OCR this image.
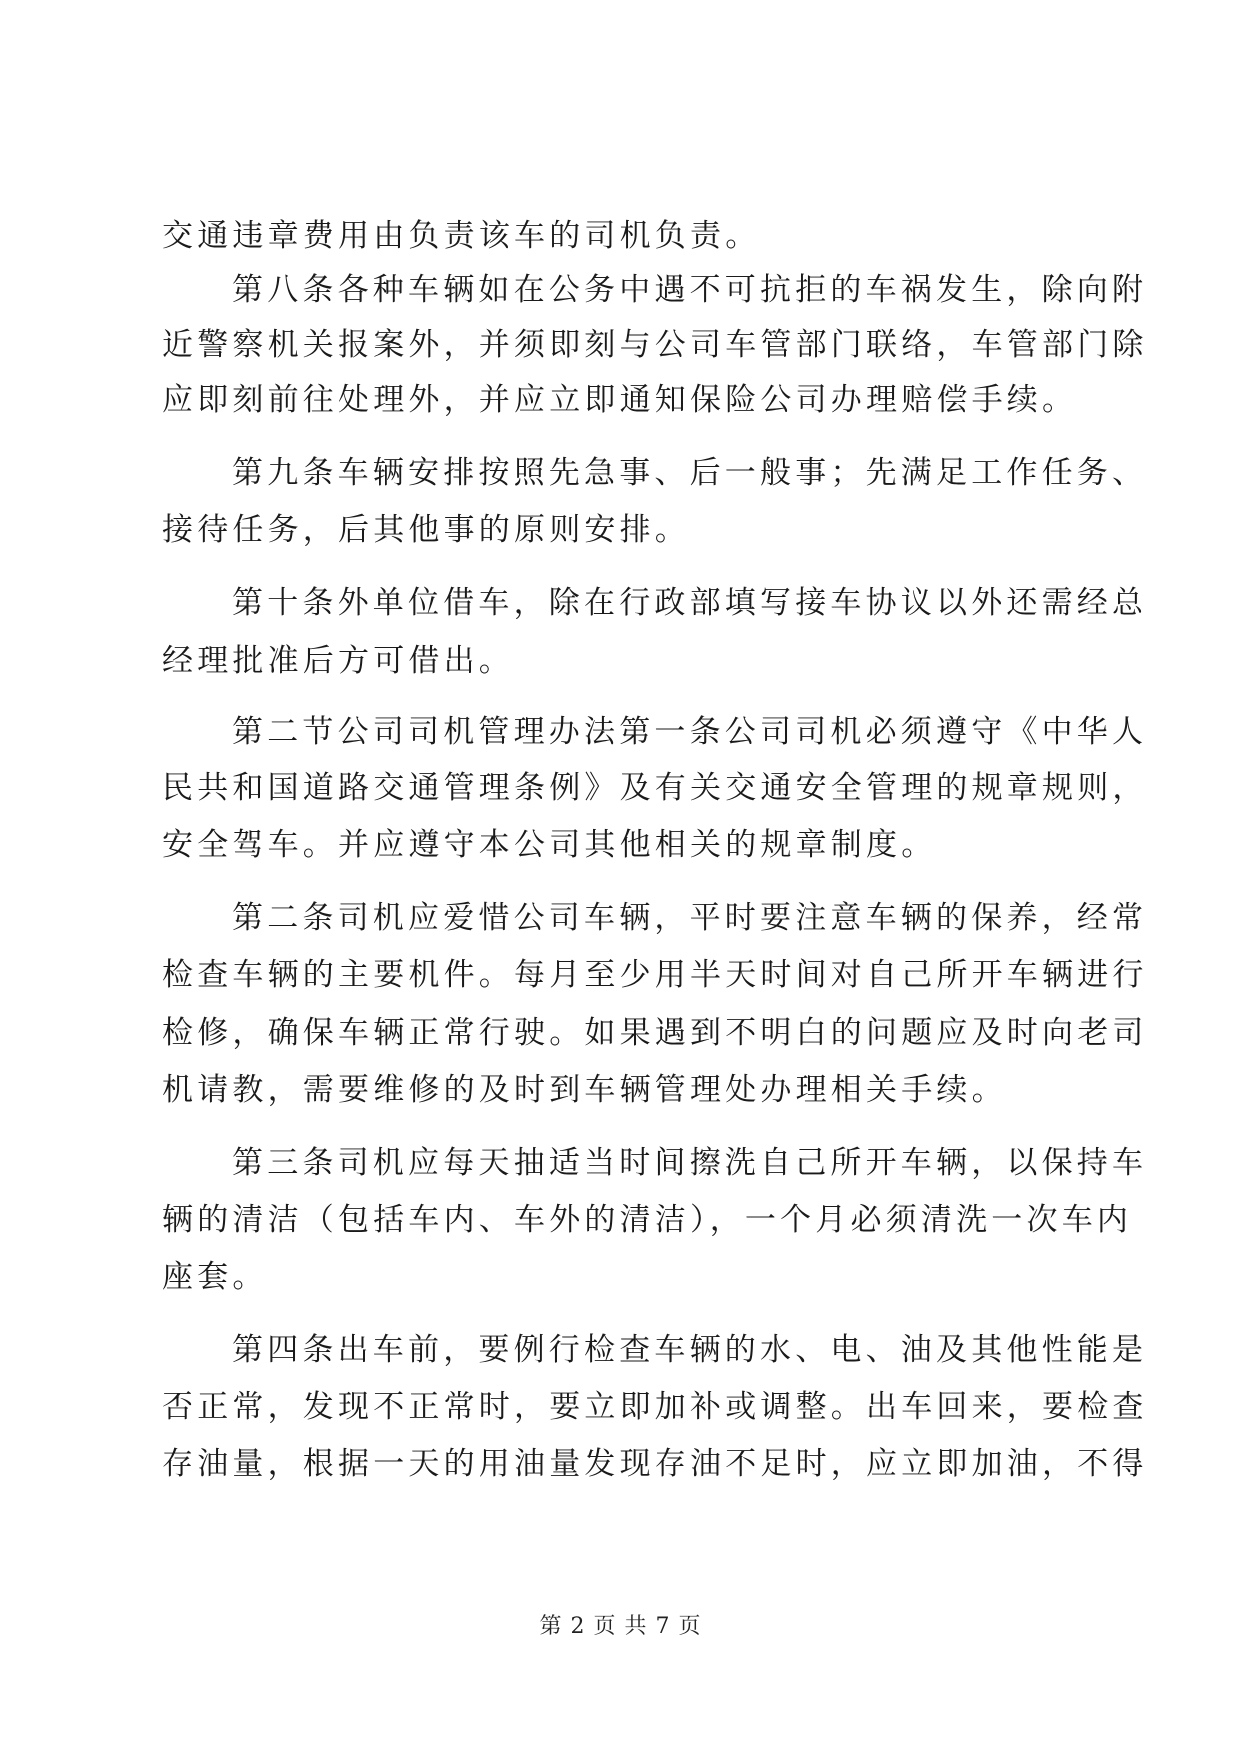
交通违章费用由负责该车的司机负责。
第八条各种车辆如在公务中遇不可抗拒的车祸发生，除向附
近警察机关报案外，并须即刻与公司车管部门联络，车管部门除
应即刻前往处理外，并应立即通知保险公司办理赔偿手续。
第九条车辆安排按照先急事、后一般事；先满足工作任务、
接待任务，后其他事的原则安排。
第十条外单位借车，除在行政部填写接车协议以外还需经总
经理批准后方可借出。
第二节公司司机管理办法第一条公司司机必须遵守《中华人
民共和国道路交通管理条例》及有关交通安全管理的规章规则，
安全驾车。并应遵守本公司其他相关的规章制度。
第二条司机应爱惜公司车辆，平时要注意车辆的保养，经常
检查车辆的主要机件。每月至少用半天时间对自己所开车辆进行
检修，确保车辆正常行驶。如果遇到不明白的问题应及时向老司
机请教，需要维修的及时到车辆管理处办理相关手续。
第三条司机应每天抽适当时间擦洗自己所开车辆，以保持车
辆的清洁（包括车内、车外的清洁），一个月必须清洗一次车内
座套。
第四条出车前，要例行检查车辆的水、电、油及其他性能是
否正常，发现不正常时，要立即加补或调整。出车回来，要检查
存油量，根据一天的用油量发现存油不足时，应立即加油，不得
第 2 页 共 7 页
